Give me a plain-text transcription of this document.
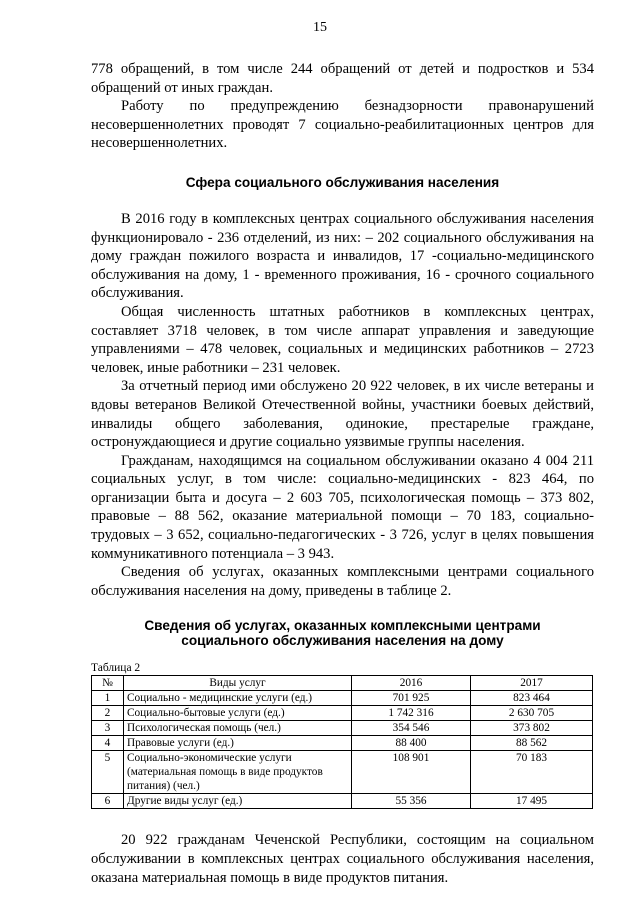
15

778 обращений, в том числе 244 обращений от детей и подростков и 534 обращений от иных граждан.

Работу по предупреждению безнадзорности правонарушений несовершеннолетних проводят 7 социально-реабилитационных центров для несовершеннолетних.

Сфера социального обслуживания населения

В 2016 году в комплексных центрах социального обслуживания населения функционировало - 236 отделений, из них: – 202 социального обслуживания на дому граждан пожилого возраста и инвалидов, 17 -социально-медицинского обслуживания на дому, 1 - временного проживания, 16 - срочного социального обслуживания.

Общая численность штатных работников в комплексных центрах, составляет 3718 человек, в том числе аппарат управления и заведующие управлениями – 478 человек, социальных и медицинских работников – 2723 человек, иные работники – 231 человек.

За отчетный период ими обслужено 20 922 человек, в их числе ветераны и вдовы ветеранов Великой Отечественной войны, участники боевых действий, инвалиды общего заболевания, одинокие, престарелые граждане, остронуждающиеся и другие социально уязвимые группы населения.

Гражданам, находящимся на социальном обслуживании оказано 4 004 211 социальных услуг, в том числе: социально-медицинских - 823 464, по организации быта и досуга – 2 603 705, психологическая помощь – 373 802, правовые – 88 562, оказание материальной помощи – 70 183, социально-трудовых – 3 652, социально-педагогических - 3 726, услуг в целях повышения коммуникативного потенциала – 3 943.

Сведения об услугах, оказанных комплексными центрами социального обслуживания населения на дому, приведены в таблице 2.

Сведения об услугах, оказанных комплексными центрами
социального обслуживания населения на дому
Таблица 2
№	Виды услуг	2016	2017
1	Социально - медицинские услуги (ед.)	701 925	823 464
2	Социально-бытовые услуги (ед.)	1 742 316	2 630 705
3	Психологическая помощь (чел.)	354 546	373 802
4	Правовые услуги (ед.)	88 400	88 562
5	Социально-экономические услуги (материальная помощь в виде продуктов питания) (чел.)	108 901	70 183
6	Другие виды услуг (ед.)	55 356	17 495

20 922 гражданам Чеченской Республики, состоящим на социальном обслуживании в комплексных центрах социального обслуживания населения, оказана материальная помощь в виде продуктов питания.
